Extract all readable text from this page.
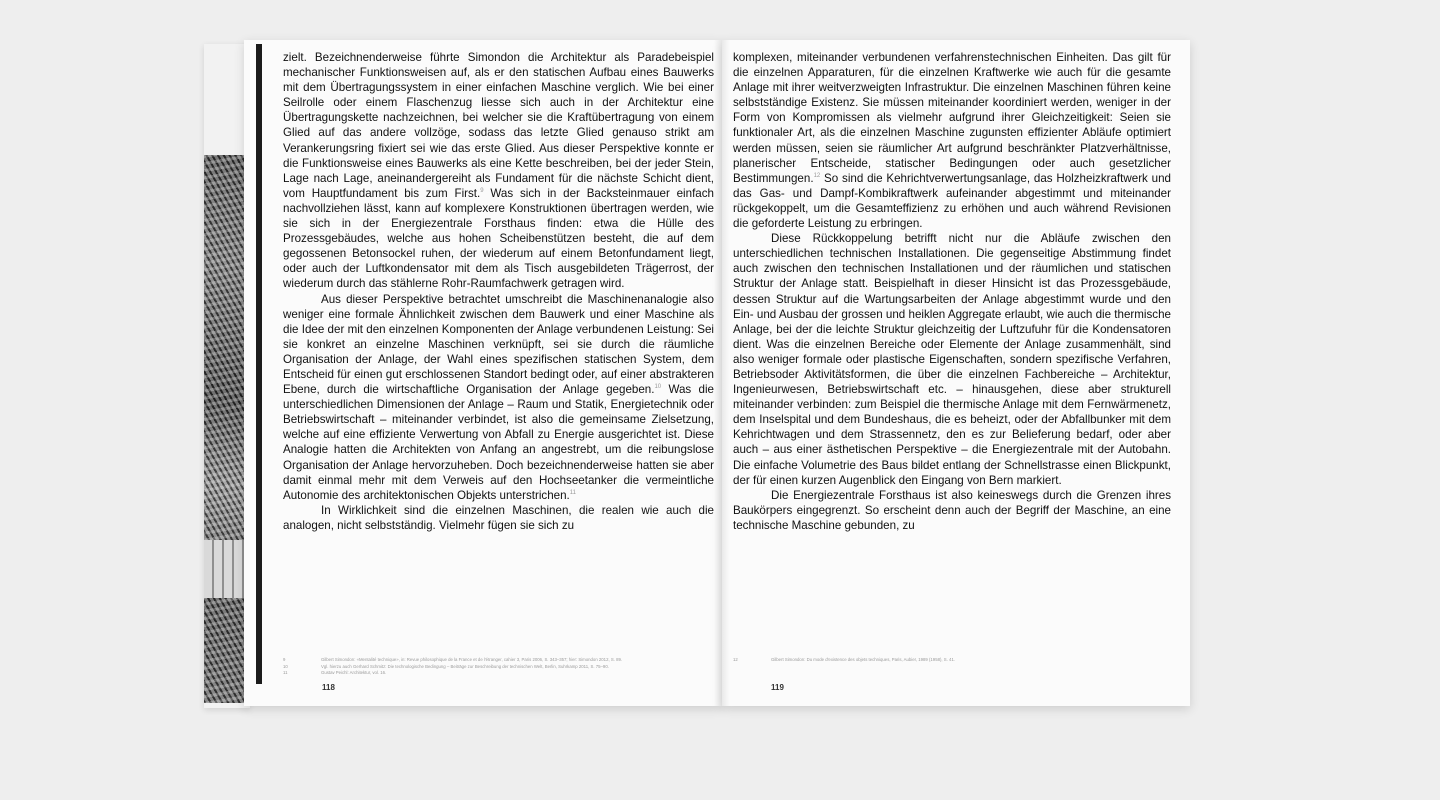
zielt. Bezeichnenderweise führte Simondon die Architektur als Paradebeispiel mechanischer Funktionsweisen auf, als er den statischen Aufbau eines Bauwerks mit dem Übertragungssystem in einer einfachen Maschine verglich. Wie bei einer Seilrolle oder einem Flaschenzug liesse sich auch in der Architektur eine Übertragungskette nachzeichnen, bei welcher sie die Kraftübertragung von einem Glied auf das andere vollzöge, sodass das letzte Glied genauso strikt am Verankerungsring fixiert sei wie das erste Glied. Aus dieser Perspektive konnte er die Funktionsweise eines Bauwerks als eine Kette beschreiben, bei der jeder Stein, Lage nach Lage, aneinandergereiht als Fundament für die nächste Schicht dient, vom Hauptfundament bis zum First.$^9$ Was sich in der Backsteinmauer einfach nachvollziehen lässt, kann auf komplexere Konstruktionen übertragen werden, wie sie sich in der Energiezentrale Forsthaus finden: etwa die Hülle des Prozessgebäudes, welche aus hohen Scheibenstützen besteht, die auf dem gegossenen Betonsockel ruhen, der wiederum auf einem Betonfundament liegt, oder auch der Luftkondensator mit dem als Tisch ausgebildeten Trägerrost, der wiederum durch das stählerne Rohr-Raumfachwerk getragen wird.

Aus dieser Perspektive betrachtet umschreibt die Maschinenanalogie also weniger eine formale Ähnlichkeit zwischen dem Bauwerk und einer Maschine als die Idee der mit den einzelnen Komponenten der Anlage verbundenen Leistung: Sei sie konkret an einzelne Maschinen verknüpft, sei sie durch die räumliche Organisation der Anlage, der Wahl eines spezifischen statischen System, dem Entscheid für einen gut erschlossenen Standort bedingt oder, auf einer abstrakteren Ebene, durch die wirtschaftliche Organisation der Anlage gegeben.$^{10}$ Was die unterschiedlichen Dimensionen der Anlage – Raum und Statik, Energietechnik oder Betriebswirtschaft – miteinander verbindet, ist also die gemeinsame Zielsetzung, welche auf eine effiziente Verwertung von Abfall zu Energie ausgerichtet ist. Diese Analogie hatten die Architekten von Anfang an angestrebt, um die reibungslose Organisation der Anlage hervorzuheben. Doch bezeichnenderweise hatten sie aber damit einmal mehr mit dem Verweis auf den Hochseetanker die vermeintliche Autonomie des architektonischen Objekts unterstrichen.$^{11}$

In Wirklichkeit sind die einzelnen Maschinen, die realen wie auch die analogen, nicht selbstständig. Vielmehr fügen sie sich zu

komplexen, miteinander verbundenen verfahrenstechnischen Einheiten. Das gilt für die einzelnen Apparaturen, für die einzelnen Kraftwerke wie auch für die gesamte Anlage mit ihrer weitverzweigten Infrastruktur. Die einzelnen Maschinen führen keine selbstständige Existenz. Sie müssen miteinander koordiniert werden, weniger in der Form von Kompromissen als vielmehr aufgrund ihrer Gleichzeitigkeit: Seien sie funktionaler Art, als die einzelnen Maschine zugunsten effizienter Abläufe optimiert werden müssen, seien sie räumlicher Art aufgrund beschränkter Platzverhältnisse, planerischer Entscheide, statischer Bedingungen oder auch gesetzlicher Bestimmungen.$^{12}$ So sind die Kehrichtverwertungsanlage, das Holzheizkraftwerk und das Gas- und Dampf-Kombikraftwerk aufeinander abgestimmt und miteinander rückgekoppelt, um die Gesamteffizienz zu erhöhen und auch während Revisionen die geforderte Leistung zu erbringen.

Diese Rückkoppelung betrifft nicht nur die Abläufe zwischen den unterschiedlichen technischen Installationen. Die gegenseitige Abstimmung findet auch zwischen den technischen Installationen und der räumlichen und statischen Struktur der Anlage statt. Beispielhaft in dieser Hinsicht ist das Prozessgebäude, dessen Struktur auf die Wartungsarbeiten der Anlage abgestimmt wurde und den Ein- und Ausbau der grossen und heiklen Aggregate erlaubt, wie auch die thermische Anlage, bei der die leichte Struktur gleichzeitig der Luftzufuhr für die Kondensatoren dient. Was die einzelnen Bereiche oder Elemente der Anlage zusammenhält, sind also weniger formale oder plastische Eigenschaften, sondern spezifische Verfahren, Betriebsoder Aktivitätsformen, die über die einzelnen Fachbereiche – Architektur, Ingenieurwesen, Betriebswirtschaft etc. – hinausgehen, diese aber strukturell miteinander verbinden: zum Beispiel die thermische Anlage mit dem Fernwärmenetz, dem Inselspital und dem Bundeshaus, die es beheizt, oder der Abfallbunker mit dem Kehrichtwagen und dem Strassennetz, den es zur Belieferung bedarf, oder aber auch – aus einer ästhetischen Perspektive – die Energiezentrale mit der Autobahn. Die einfache Volumetrie des Baus bildet entlang der Schnellstrasse einen Blickpunkt, der für einen kurzen Augenblick den Eingang von Bern markiert.

Die Energiezentrale Forsthaus ist also keineswegs durch die Grenzen ihres Baukörpers eingegrenzt. So erscheint denn auch der Begriff der Maschine, an eine technische Maschine gebunden, zu

9	Gilbert Simondon: «Mentalité technique», in: Revue philosophique de la France et de l'étranger, cahier 3, Paris 2006, S. 343–357; hier: Simondon 2012, S. 89.
10	Vgl. hierzu auch Gerhard Schmitz: Die technologische Bedingung – Beiträge zur Beschreibung der technischen Welt, Berlin, Suhrkamp 2011, S. 75–90.
11	Gustav Peichl: Architektur, vol. 16.
12	Gilbert Simondon: Du mode d'existence des objets techniques, Paris, Aubier, 1989 (1958), S. 41.
118	119
